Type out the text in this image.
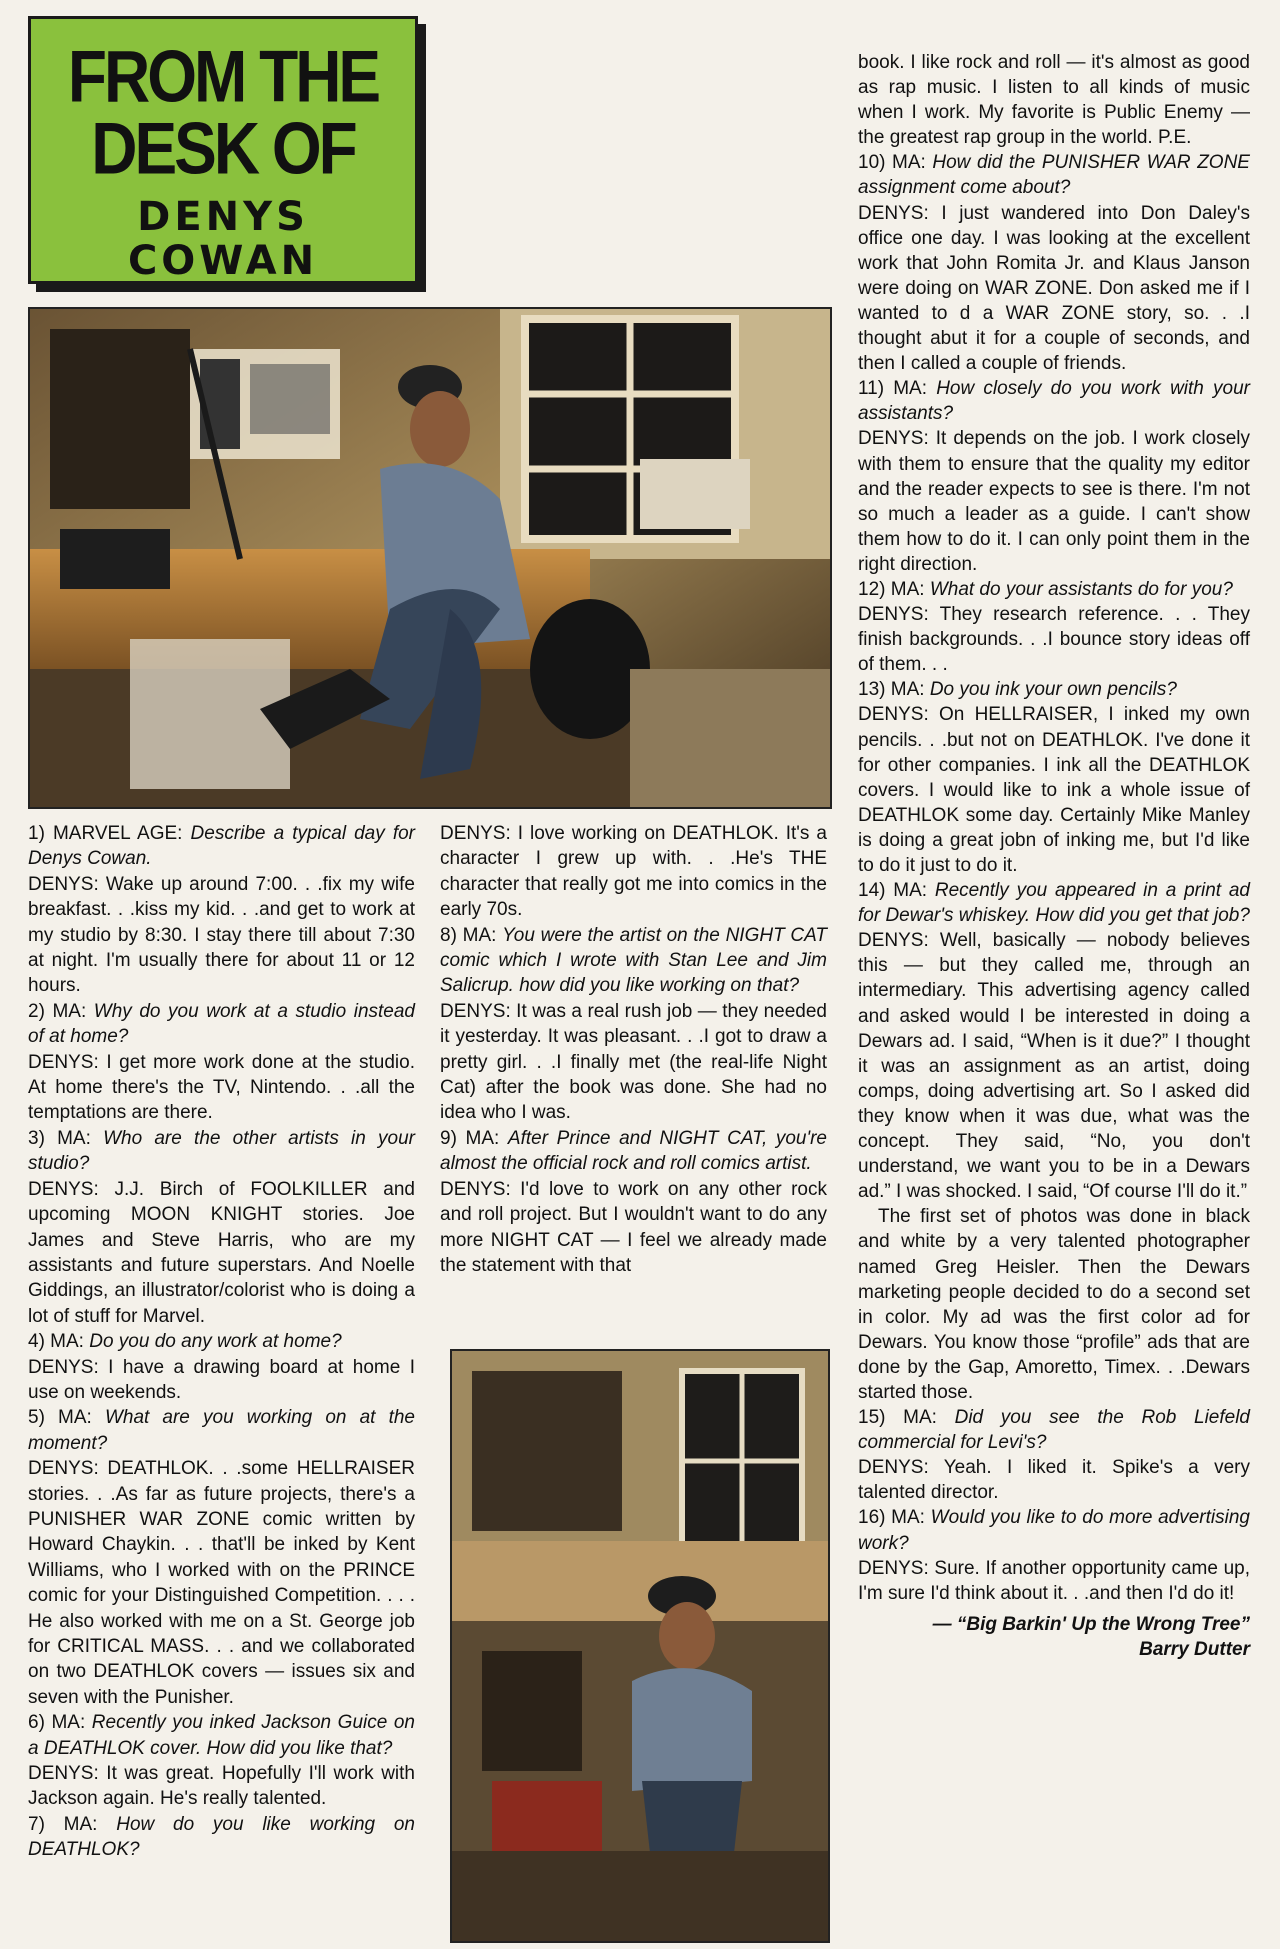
FROM THE
DESK OF
DENYS
COWAN

1) MARVEL AGE: Describe a typical day for Denys Cowan.

DENYS: Wake up around 7:00. . .fix my wife breakfast. . .kiss my kid. . .and get to work at my studio by 8:30. I stay there till about 7:30 at night. I'm usually there for about 11 or 12 hours.

2) MA: Why do you work at a studio instead of at home?

DENYS: I get more work done at the studio. At home there's the TV, Nintendo. . .all the temptations are there.

3) MA: Who are the other artists in your studio?

DENYS: J.J. Birch of FOOLKILLER and upcoming MOON KNIGHT stories. Joe James and Steve Harris, who are my assistants and future superstars. And Noelle Giddings, an illustrator/colorist who is doing a lot of stuff for Marvel.

4) MA: Do you do any work at home?

DENYS: I have a drawing board at home I use on weekends.

5) MA: What are you working on at the moment?

DENYS: DEATHLOK. . .some HELLRAISER stories. . .As far as future projects, there's a PUNISHER WAR ZONE comic written by Howard Chaykin. . . that'll be inked by Kent Williams, who I worked with on the PRINCE comic for your Distinguished Competition. . . . He also worked with me on a St. George job for CRITICAL MASS. . . and we collaborated on two DEATHLOK covers — issues six and seven with the Punisher.

6) MA: Recently you inked Jackson Guice on a DEATHLOK cover. How did you like that?

DENYS: It was great. Hopefully I'll work with Jackson again. He's really talented.

7) MA: How do you like working on DEATHLOK?

DENYS: I love working on DEATHLOK. It's a character I grew up with. . .He's THE character that really got me into comics in the early 70s.

8) MA: You were the artist on the NIGHT CAT comic which I wrote with Stan Lee and Jim Salicrup. how did you like working on that?

DENYS: It was a real rush job — they needed it yesterday. It was pleasant. . .I got to draw a pretty girl. . .I finally met (the real-life Night Cat) after the book was done. She had no idea who I was.

9) MA: After Prince and NIGHT CAT, you're almost the official rock and roll comics artist.

DENYS: I'd love to work on any other rock and roll project. But I wouldn't want to do any more NIGHT CAT — I feel we already made the statement with that

book. I like rock and roll — it's almost as good as rap music. I listen to all kinds of music when I work. My favorite is Public Enemy — the greatest rap group in the world. P.E.

10) MA: How did the PUNISHER WAR ZONE assignment come about?

DENYS: I just wandered into Don Daley's office one day. I was looking at the excellent work that John Romita Jr. and Klaus Janson were doing on WAR ZONE. Don asked me if I wanted to d a WAR ZONE story, so. . .I thought abut it for a couple of seconds, and then I called a couple of friends.

11) MA: How closely do you work with your assistants?

DENYS: It depends on the job. I work closely with them to ensure that the quality my editor and the reader expects to see is there. I'm not so much a leader as a guide. I can't show them how to do it. I can only point them in the right direction.

12) MA: What do your assistants do for you?

DENYS: They research reference. . . They finish backgrounds. . .I bounce story ideas off of them. . .

13) MA: Do you ink your own pencils?

DENYS: On HELLRAISER, I inked my own pencils. . .but not on DEATHLOK. I've done it for other companies. I ink all the DEATHLOK covers. I would like to ink a whole issue of DEATHLOK some day. Certainly Mike Manley is doing a great jobn of inking me, but I'd like to do it just to do it.

14) MA: Recently you appeared in a print ad for Dewar's whiskey. How did you get that job?

DENYS: Well, basically — nobody believes this — but they called me, through an intermediary. This advertising agency called and asked would I be interested in doing a Dewars ad. I said, “When is it due?” I thought it was an assignment as an artist, doing comps, doing advertising art. So I asked did they know when it was due, what was the concept. They said, “No, you don't understand, we want you to be in a Dewars ad.” I was shocked. I said, “Of course I'll do it.”

The first set of photos was done in black and white by a very talented photographer named Greg Heisler. Then the Dewars marketing people decided to do a second set in color. My ad was the first color ad for Dewars. You know those “profile” ads that are done by the Gap, Amoretto, Timex. . .Dewars started those.

15) MA: Did you see the Rob Liefeld commercial for Levi's?

DENYS: Yeah. I liked it. Spike's a very talented director.

16) MA: Would you like to do more advertising work?

DENYS: Sure. If another opportunity came up, I'm sure I'd think about it. . .and then I'd do it!

— “Big Barkin' Up the Wrong Tree”

Barry Dutter
